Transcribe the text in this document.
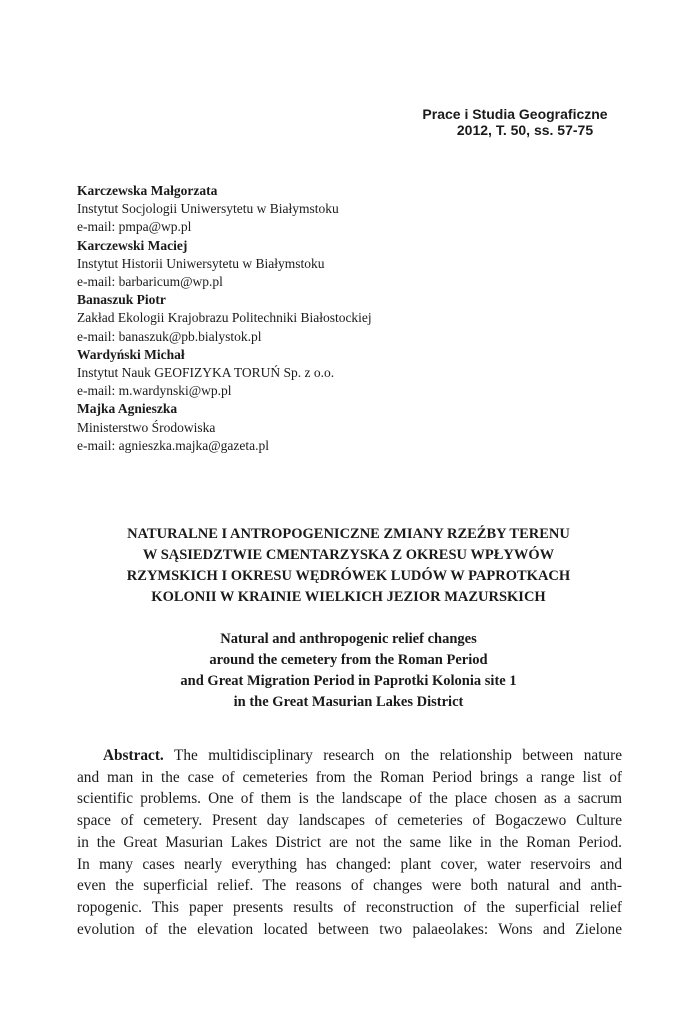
Prace i Studia Geograficzne
2012, T. 50, ss. 57-75
Karczewska Małgorzata
Instytut Socjologii Uniwersytetu w Białymstoku
e-mail: pmpa@wp.pl
Karczewski Maciej
Instytut Historii Uniwersytetu w Białymstoku
e-mail: barbaricum@wp.pl
Banaszuk Piotr
Zakład Ekologii Krajobrazu Politechniki Białostockiej
e-mail: banaszuk@pb.bialystok.pl
Wardyński Michał
Instytut Nauk GEOFIZYKA TORUŃ Sp. z o.o.
e-mail: m.wardynski@wp.pl
Majka Agnieszka
Ministerstwo Środowiska
e-mail: agnieszka.majka@gazeta.pl
NATURALNE I ANTROPOGENICZNE ZMIANY RZEŹBY TERENU
W SĄSIEDZTWIE CMENTARZYSKA Z OKRESU WPŁYWÓW
RZYMSKICH I OKRESU WĘDRÓWEK LUDÓW W PAPROTKACH
KOLONII W KRAINIE WIELKICH JEZIOR MAZURSKICH
Natural and anthropogenic relief changes
around the cemetery from the Roman Period
and Great Migration Period in Paprotki Kolonia site 1
in the Great Masurian Lakes District
Abstract. The multidisciplinary research on the relationship between nature
and man in the case of cemeteries from the Roman Period brings a range list of
scientific problems. One of them is the landscape of the place chosen as a sacrum
space of cemetery. Present day landscapes of cemeteries of Bogaczewo Culture
in the Great Masurian Lakes District are not the same like in the Roman Period.
In many cases nearly everything has changed: plant cover, water reservoirs and
even the superficial relief. The reasons of changes were both natural and anth-
ropogenic. This paper presents results of reconstruction of the superficial relief
evolution of the elevation located between two palaeolakes: Wons and Zielone
